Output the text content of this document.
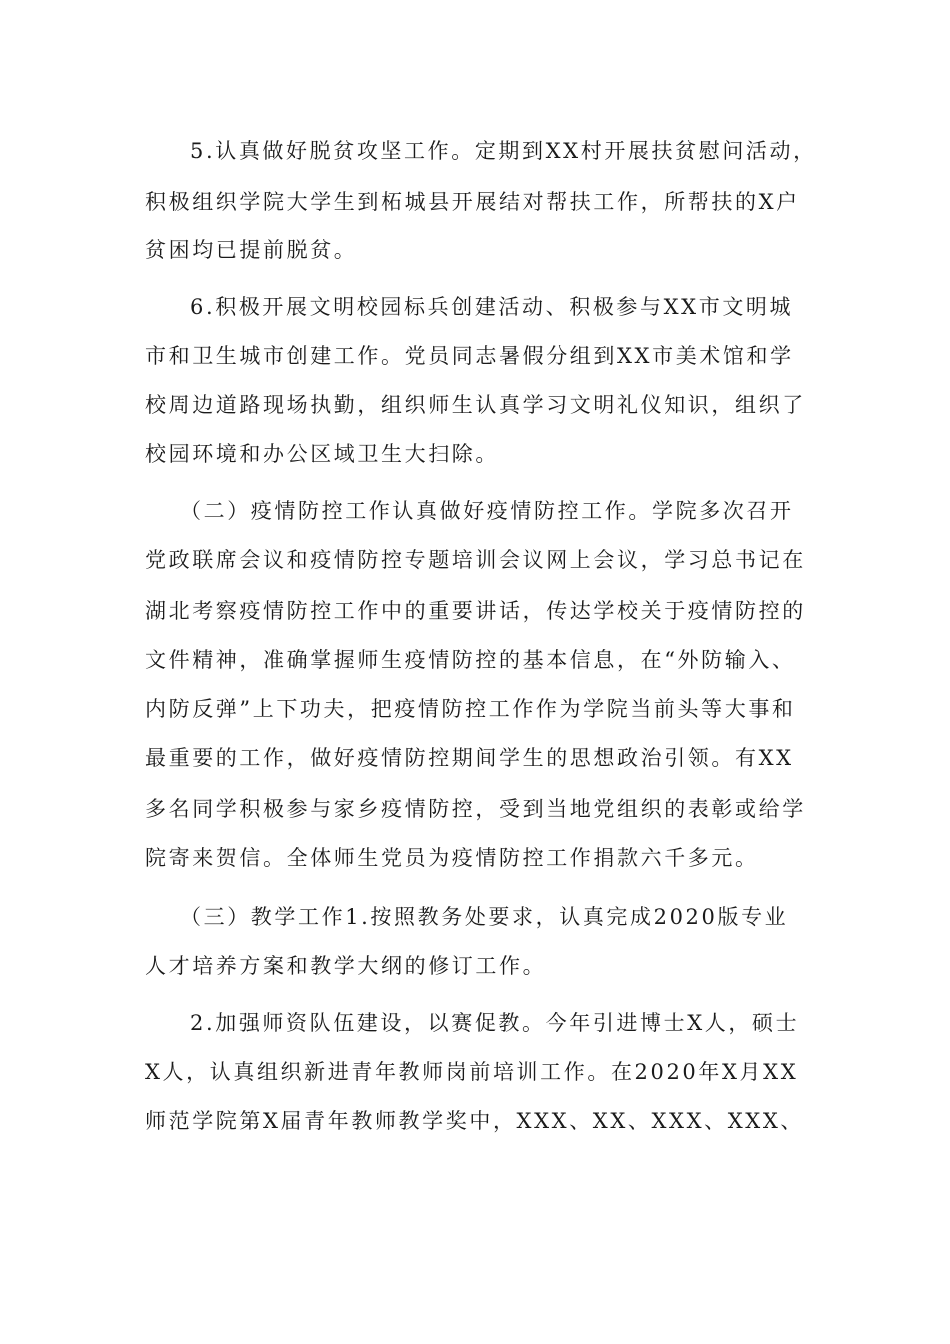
5.认真做好脱贫攻坚工作。定期到XX村开展扶贫慰问活动，

积极组织学院大学生到柘城县开展结对帮扶工作，所帮扶的X户

贫困均已提前脱贫。

6.积极开展文明校园标兵创建活动、积极参与XX市文明城

市和卫生城市创建工作。党员同志暑假分组到XX市美术馆和学

校周边道路现场执勤，组织师生认真学习文明礼仪知识，组织了

校园环境和办公区域卫生大扫除。

（二）疫情防控工作认真做好疫情防控工作。学院多次召开

党政联席会议和疫情防控专题培训会议网上会议，学习总书记在

湖北考察疫情防控工作中的重要讲话，传达学校关于疫情防控的

文件精神，准确掌握师生疫情防控的基本信息，在“外防输入、

内防反弹”上下功夫，把疫情防控工作作为学院当前头等大事和

最重要的工作，做好疫情防控期间学生的思想政治引领。有XX

多名同学积极参与家乡疫情防控，受到当地党组织的表彰或给学

院寄来贺信。全体师生党员为疫情防控工作捐款六千多元。

（三）教学工作1.按照教务处要求，认真完成2020版专业

人才培养方案和教学大纲的修订工作。

2.加强师资队伍建设，以赛促教。今年引进博士X人，硕士

X人，认真组织新进青年教师岗前培训工作。在2020年X月XX

师范学院第X届青年教师教学奖中，XXX、XX、XXX、XXX、
